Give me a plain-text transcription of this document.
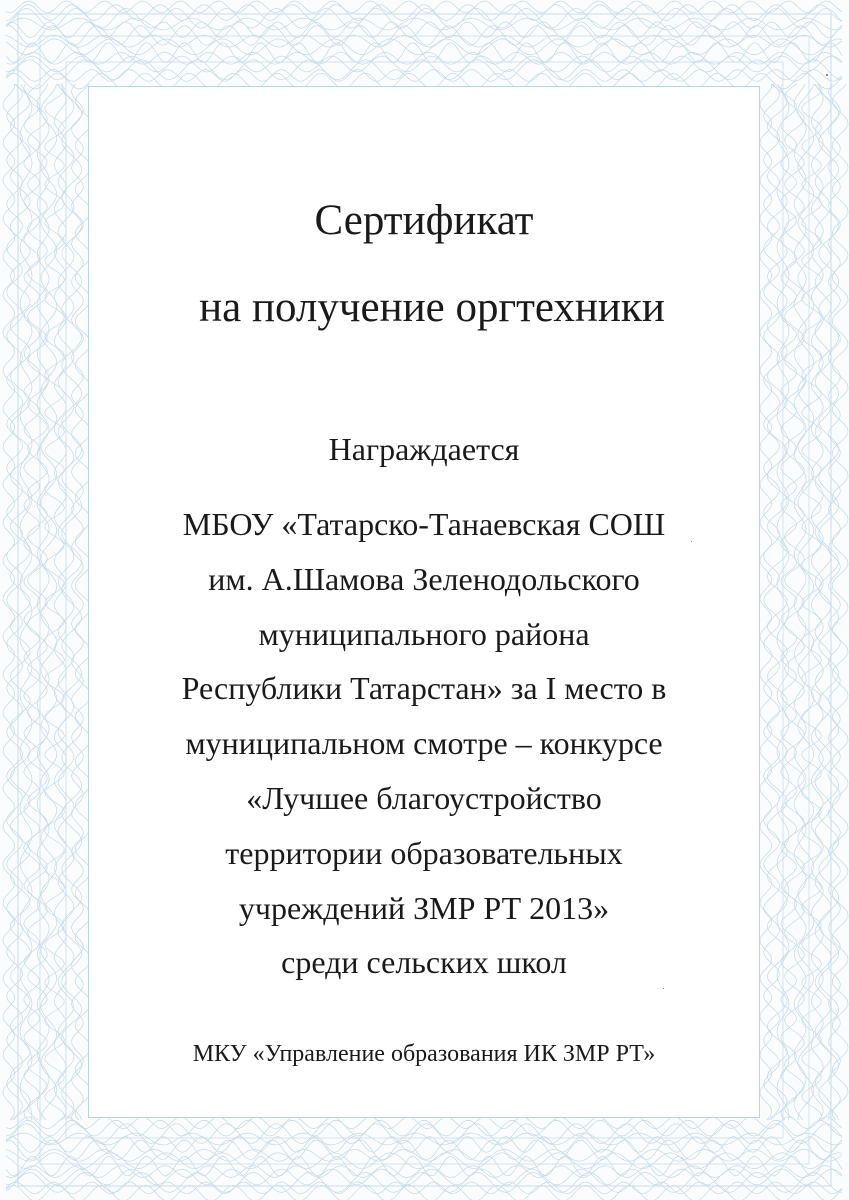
Сертификат
на получение оргтехники
Награждается
МБОУ «Татарско-Танаевская СОШ
им. А.Шамова Зеленодольского
муниципального района
Республики Татарстан» за I место в
муниципальном смотре – конкурсе
«Лучшее благоустройство
территории образовательных
учреждений ЗМР РТ 2013»
среди сельских школ
МКУ «Управление образования ИК ЗМР РТ»
